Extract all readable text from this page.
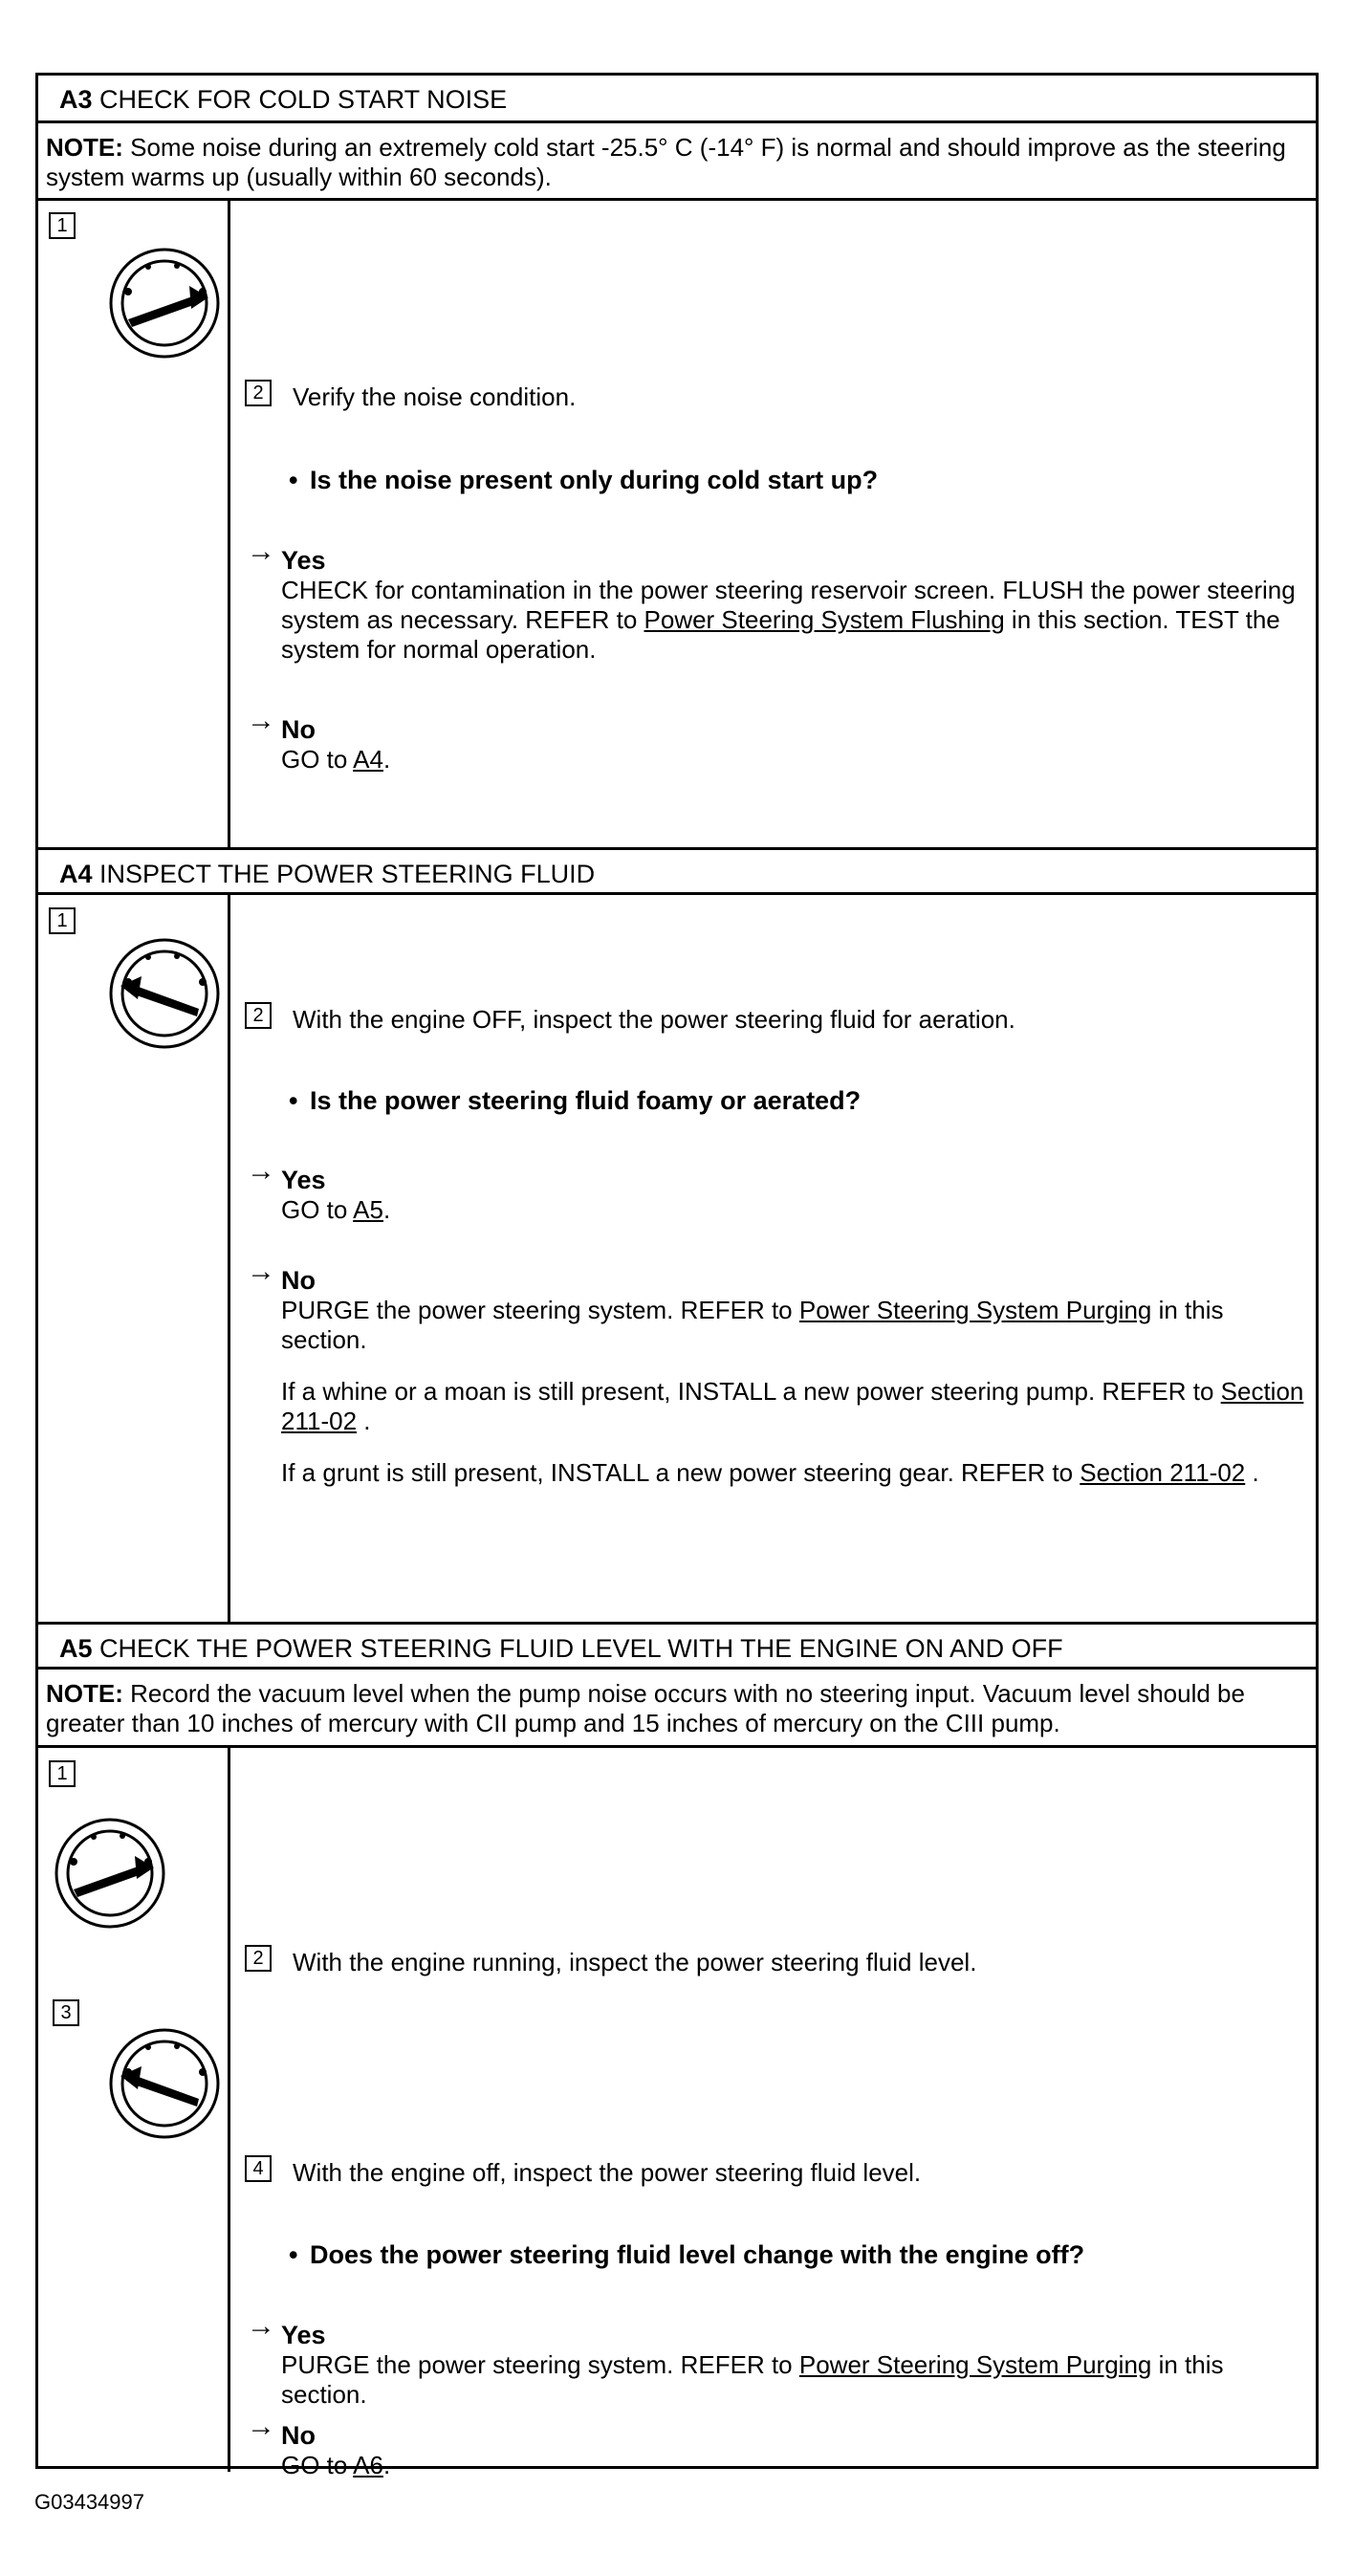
A3 CHECK FOR COLD START NOISE
NOTE: Some noise during an extremely cold start -25.5° C (-14° F) is normal and should improve as the steering system warms up (usually within 60 seconds).
1
2	Verify the noise condition.
• Is the noise present only during cold start up?
→ Yes
CHECK for contamination in the power steering reservoir screen. FLUSH the power steering system as necessary. REFER to Power Steering System Flushing in this section. TEST the system for normal operation.
→ No
GO to A4.
A4 INSPECT THE POWER STEERING FLUID
1
2	With the engine OFF, inspect the power steering fluid for aeration.
• Is the power steering fluid foamy or aerated?
→ Yes
GO to A5.
→ No
PURGE the power steering system. REFER to Power Steering System Purging in this section.
If a whine or a moan is still present, INSTALL a new power steering pump. REFER to Section 211-02 .
If a grunt is still present, INSTALL a new power steering gear. REFER to Section 211-02 .
A5 CHECK THE POWER STEERING FLUID LEVEL WITH THE ENGINE ON AND OFF
NOTE: Record the vacuum level when the pump noise occurs with no steering input. Vacuum level should be greater than 10 inches of mercury with CII pump and 15 inches of mercury on the CIII pump.
1
2	With the engine running, inspect the power steering fluid level.
3
4	With the engine off, inspect the power steering fluid level.
• Does the power steering fluid level change with the engine off?
→ Yes
PURGE the power steering system. REFER to Power Steering System Purging in this section.
→ No
GO to A6.
G03434997
